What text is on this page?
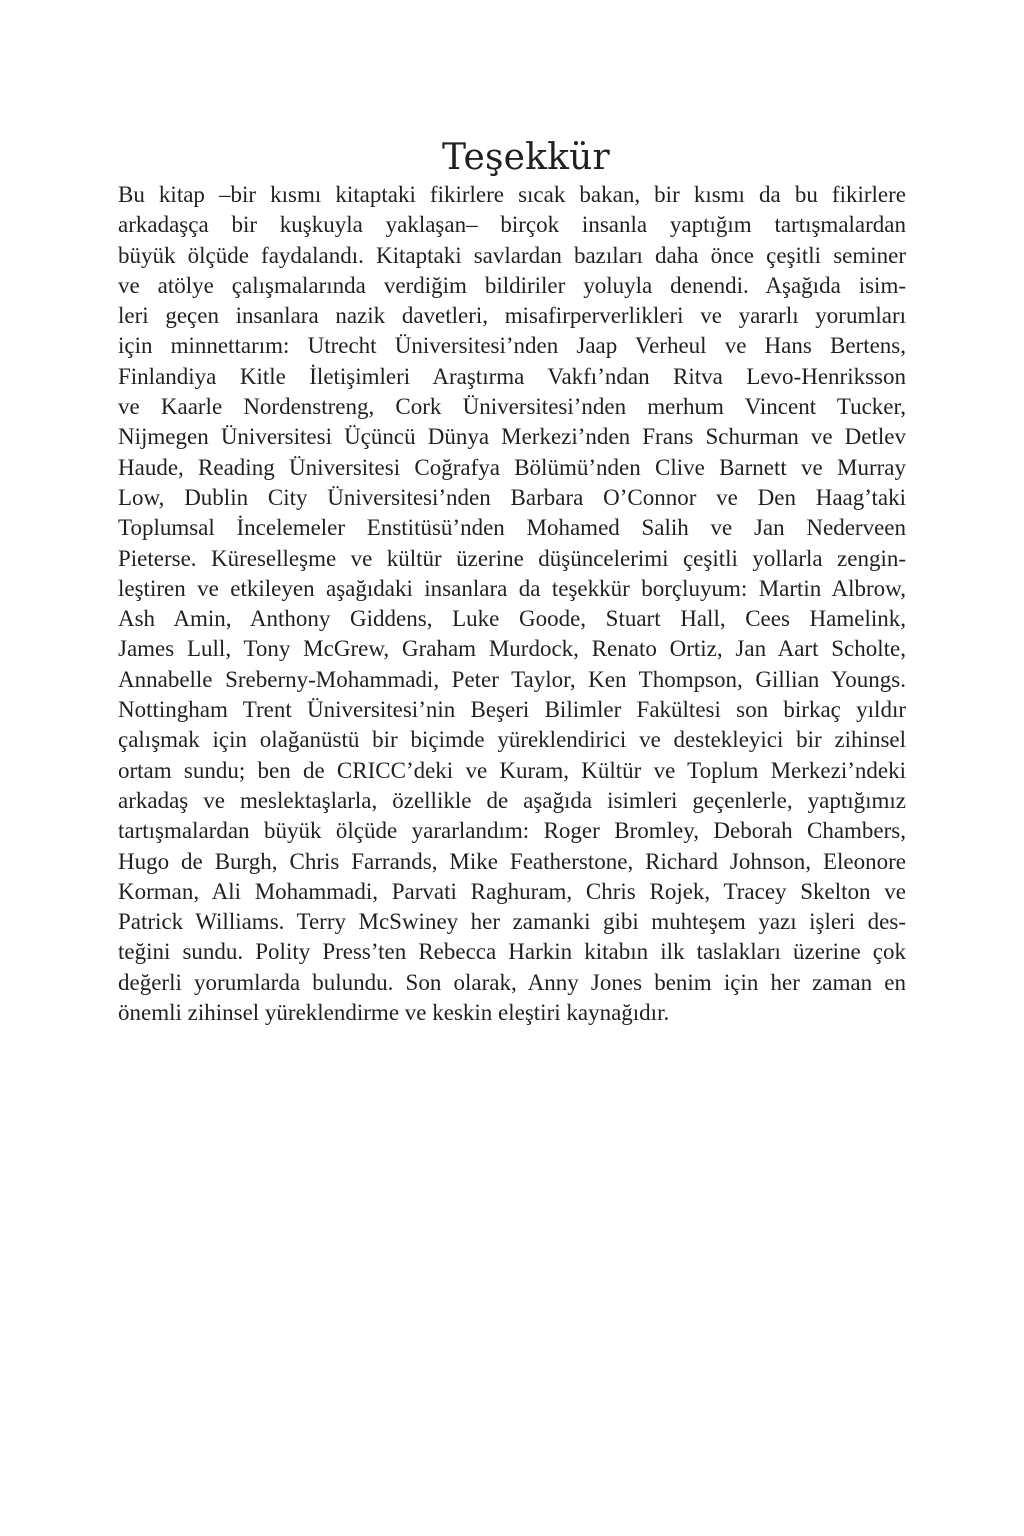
Teşekkür
Bu kitap –bir kısmı kitaptaki fikirlere sıcak bakan, bir kısmı da bu fikirlere
arkadaşça bir kuşkuyla yaklaşan– birçok insanla yaptığım tartışmalardan
büyük ölçüde faydalandı. Kitaptaki savlardan bazıları daha önce çeşitli seminer
ve atölye çalışmalarında verdiğim bildiriler yoluyla denendi. Aşağıda isim-
leri geçen insanlara nazik davetleri, misafirperverlikleri ve yararlı yorumları
için minnettarım: Utrecht Üniversitesi’nden Jaap Verheul ve Hans Bertens,
Finlandiya Kitle İletişimleri Araştırma Vakfı’ndan Ritva Levo-Henriksson
ve Kaarle Nordenstreng, Cork Üniversitesi’nden merhum Vincent Tucker,
Nijmegen Üniversitesi Üçüncü Dünya Merkezi’nden Frans Schurman ve Detlev
Haude, Reading Üniversitesi Coğrafya Bölümü’nden Clive Barnett ve Murray
Low, Dublin City Üniversitesi’nden Barbara O’Connor ve Den Haag’taki
Toplumsal İncelemeler Enstitüsü’nden Mohamed Salih ve Jan Nederveen
Pieterse. Küreselleşme ve kültür üzerine düşüncelerimi çeşitli yollarla zengin-
leştiren ve etkileyen aşağıdaki insanlara da teşekkür borçluyum: Martin Albrow,
Ash Amin, Anthony Giddens, Luke Goode, Stuart Hall, Cees Hamelink,
James Lull, Tony McGrew, Graham Murdock, Renato Ortiz, Jan Aart Scholte,
Annabelle Sreberny-Mohammadi, Peter Taylor, Ken Thompson, Gillian Youngs.
Nottingham Trent Üniversitesi’nin Beşeri Bilimler Fakültesi son birkaç yıldır
çalışmak için olağanüstü bir biçimde yüreklendirici ve destekleyici bir zihinsel
ortam sundu; ben de CRICC’deki ve Kuram, Kültür ve Toplum Merkezi’ndeki
arkadaş ve meslektaşlarla, özellikle de aşağıda isimleri geçenlerle, yaptığımız
tartışmalardan büyük ölçüde yararlandım: Roger Bromley, Deborah Chambers,
Hugo de Burgh, Chris Farrands, Mike Featherstone, Richard Johnson, Eleonore
Korman, Ali Mohammadi, Parvati Raghuram, Chris Rojek, Tracey Skelton ve
Patrick Williams. Terry McSwiney her zamanki gibi muhteşem yazı işleri des-
teğini sundu. Polity Press’ten Rebecca Harkin kitabın ilk taslakları üzerine çok
değerli yorumlarda bulundu. Son olarak, Anny Jones benim için her zaman en
önemli zihinsel yüreklendirme ve keskin eleştiri kaynağıdır.
